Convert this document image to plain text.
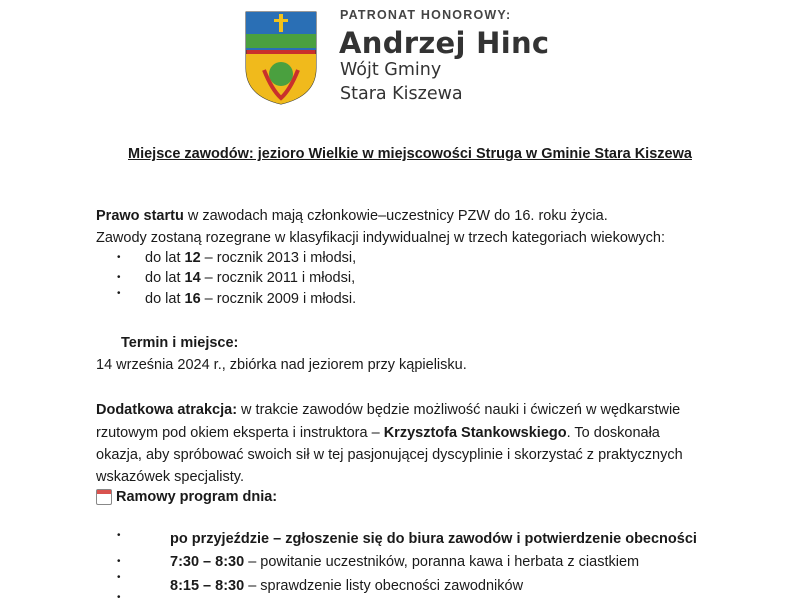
PATRONAT HONOROWY:
Andrzej Hinc
Wójt Gminy
Stara Kiszewa
Miejsce zawodów: jezioro Wielkie w miejscowości Struga w Gminie Stara Kiszewa
Prawo startu w zawodach mają członkowie–uczestnicy PZW do 16. roku życia.
Zawody zostaną rozegrane w klasyfikacji indywidualnej w trzech kategoriach wiekowych:
• do lat 12 – rocznik 2013 i młodsi,
• do lat 14 – rocznik 2011 i młodsi,
• do lat 16 – rocznik 2009 i młodsi.
Termin i miejsce:
14 września 2024 r., zbiórka nad jeziorem przy kąpielisku.
Dodatkowa atrakcja: w trakcie zawodów będzie możliwość nauki i ćwiczeń w wędkarstwie
rzutowym pod okiem eksperta i instruktora – Krzysztofa Stankowskiego. To doskonała
okazja, aby spróbować swoich sił w tej pasjonującej dyscyplinie i skorzystać z praktycznych
wskazówek specjalisty.
Ramowy program dnia:
•	po przyjeździe – zgłoszenie się do biura zawodów i potwierdzenie obecności
•	7:30 – 8:30 – powitanie uczestników, poranna kawa i herbata z ciastkiem
•
8:15 – 8:30 – sprawdzenie listy obecności zawodników
•
